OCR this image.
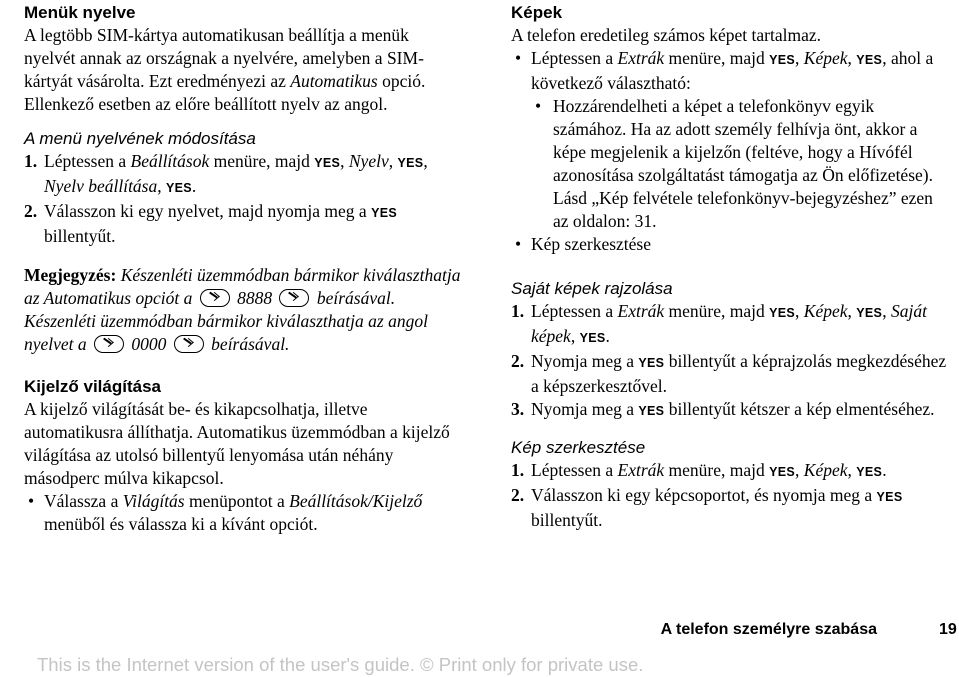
Menük nyelve
A legtöbb SIM-kártya automatikusan beállítja a menük nyelvét annak az országnak a nyelvére, amelyben a SIM-kártyát vásárolta. Ezt eredményezi az Automatikus opció. Ellenkező esetben az előre beállított nyelv az angol.
A menü nyelvének módosítása
1. Léptessen a Beállítások menüre, majd YES, Nyelv, YES, Nyelv beállítása, YES.
2. Válasszon ki egy nyelvet, majd nyomja meg a YES billentyűt.
Megjegyzés: Készenléti üzemmódban bármikor kiválaszthatja az Automatikus opciót a  8888  beírásával.
Készenléti üzemmódban bármikor kiválaszthatja az angol nyelvet a  0000  beírásával.
Kijelző világítása
A kijelző világítását be- és kikapcsolhatja, illetve automatikusra állíthatja. Automatikus üzemmódban a kijelző világítása az utolsó billentyű lenyomása után néhány másodperc múlva kikapcsol.
• Válassza a Világítás menüpontot a Beállítások/Kijelző menüből és válassza ki a kívánt opciót.
Képek
A telefon eredetileg számos képet tartalmaz.
• Léptessen a Extrák menüre, majd YES, Képek, YES, ahol a következő választható:
• Hozzárendelheti a képet a telefonkönyv egyik számához. Ha az adott személy felhívja önt, akkor a képe megjelenik a kijelzőn (feltéve, hogy a Hívófél azonosítása szolgáltatást támogatja az Ön előfizetése). Lásd „Kép felvétele telefonkönyv-bejegyzéshez” ezen az oldalon: 31.
• Kép szerkesztése
Saját képek rajzolása
1. Léptessen a Extrák menüre, majd YES, Képek, YES, Saját képek, YES.
2. Nyomja meg a YES billentyűt a képrajzolás megkezdéséhez a képszerkesztővel.
3. Nyomja meg a YES billentyűt kétszer a kép elmentéséhez.
Kép szerkesztése
1. Léptessen a Extrák menüre, majd YES, Képek, YES.
2. Válasszon ki egy képcsoportot, és nyomja meg a YES billentyűt.
A telefon személyre szabása	19
This is the Internet version of the user's guide. © Print only for private use.
